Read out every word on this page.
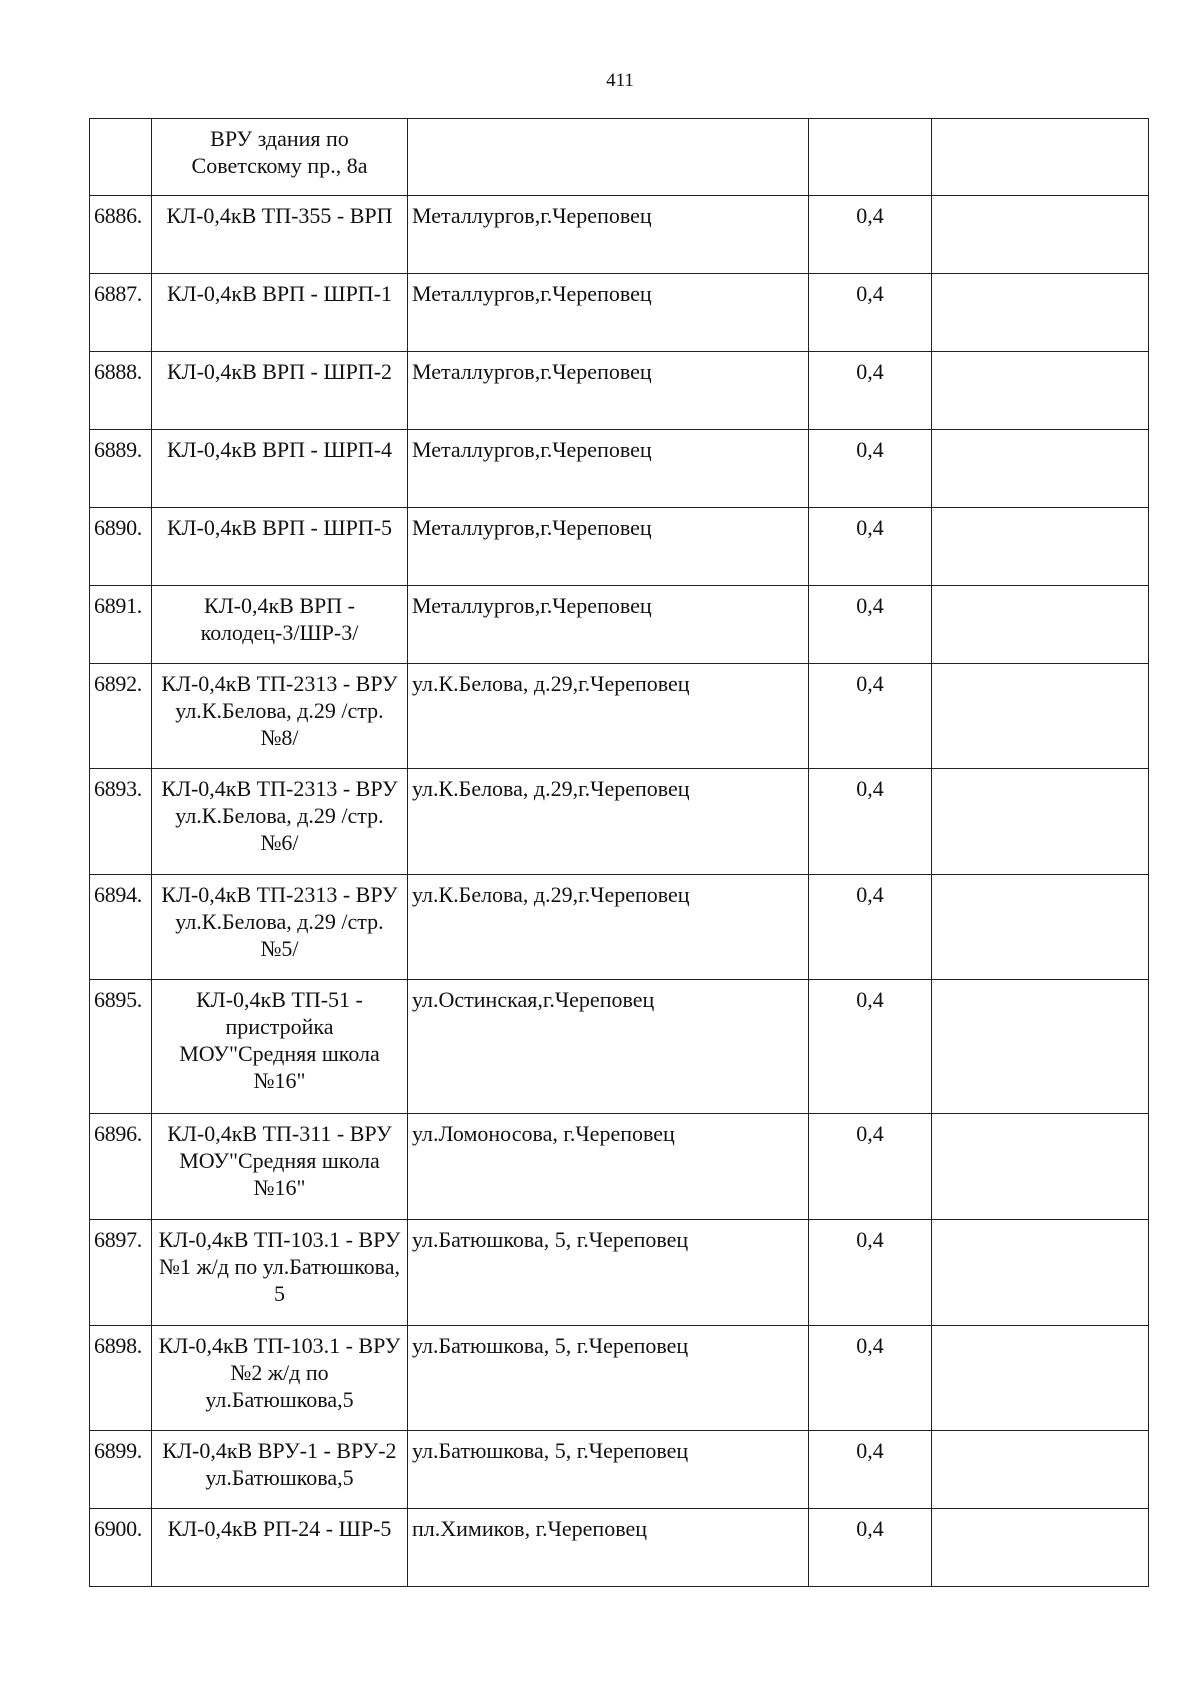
411
	ВРУ здания по Советскому пр., 8а			
6886.	КЛ-0,4кВ ТП-355 - ВРП	Металлургов,г.Череповец	0,4	
6887.	КЛ-0,4кВ ВРП - ШРП-1	Металлургов,г.Череповец	0,4	
6888.	КЛ-0,4кВ ВРП - ШРП-2	Металлургов,г.Череповец	0,4	
6889.	КЛ-0,4кВ ВРП - ШРП-4	Металлургов,г.Череповец	0,4	
6890.	КЛ-0,4кВ ВРП - ШРП-5	Металлургов,г.Череповец	0,4	
6891.	КЛ-0,4кВ ВРП - колодец-3/ШР-3/	Металлургов,г.Череповец	0,4	
6892.	КЛ-0,4кВ ТП-2313 - ВРУ ул.К.Белова, д.29 /стр. №8/	ул.К.Белова, д.29,г.Череповец	0,4	
6893.	КЛ-0,4кВ ТП-2313 - ВРУ ул.К.Белова, д.29 /стр. №6/	ул.К.Белова, д.29,г.Череповец	0,4	
6894.	КЛ-0,4кВ ТП-2313 - ВРУ ул.К.Белова, д.29 /стр. №5/	ул.К.Белова, д.29,г.Череповец	0,4	
6895.	КЛ-0,4кВ ТП-51 - пристройка МОУ"Средняя школа №16"	ул.Остинская,г.Череповец	0,4	
6896.	КЛ-0,4кВ ТП-311 - ВРУ МОУ"Средняя школа №16"	ул.Ломоносова, г.Череповец	0,4	
6897.	КЛ-0,4кВ ТП-103.1 - ВРУ №1 ж/д по ул.Батюшкова, 5	ул.Батюшкова, 5, г.Череповец	0,4	
6898.	КЛ-0,4кВ ТП-103.1 - ВРУ №2 ж/д по ул.Батюшкова,5	ул.Батюшкова, 5, г.Череповец	0,4	
6899.	КЛ-0,4кВ ВРУ-1 - ВРУ-2 ул.Батюшкова,5	ул.Батюшкова, 5, г.Череповец	0,4	
6900.	КЛ-0,4кВ РП-24 - ШР-5	пл.Химиков, г.Череповец	0,4	
